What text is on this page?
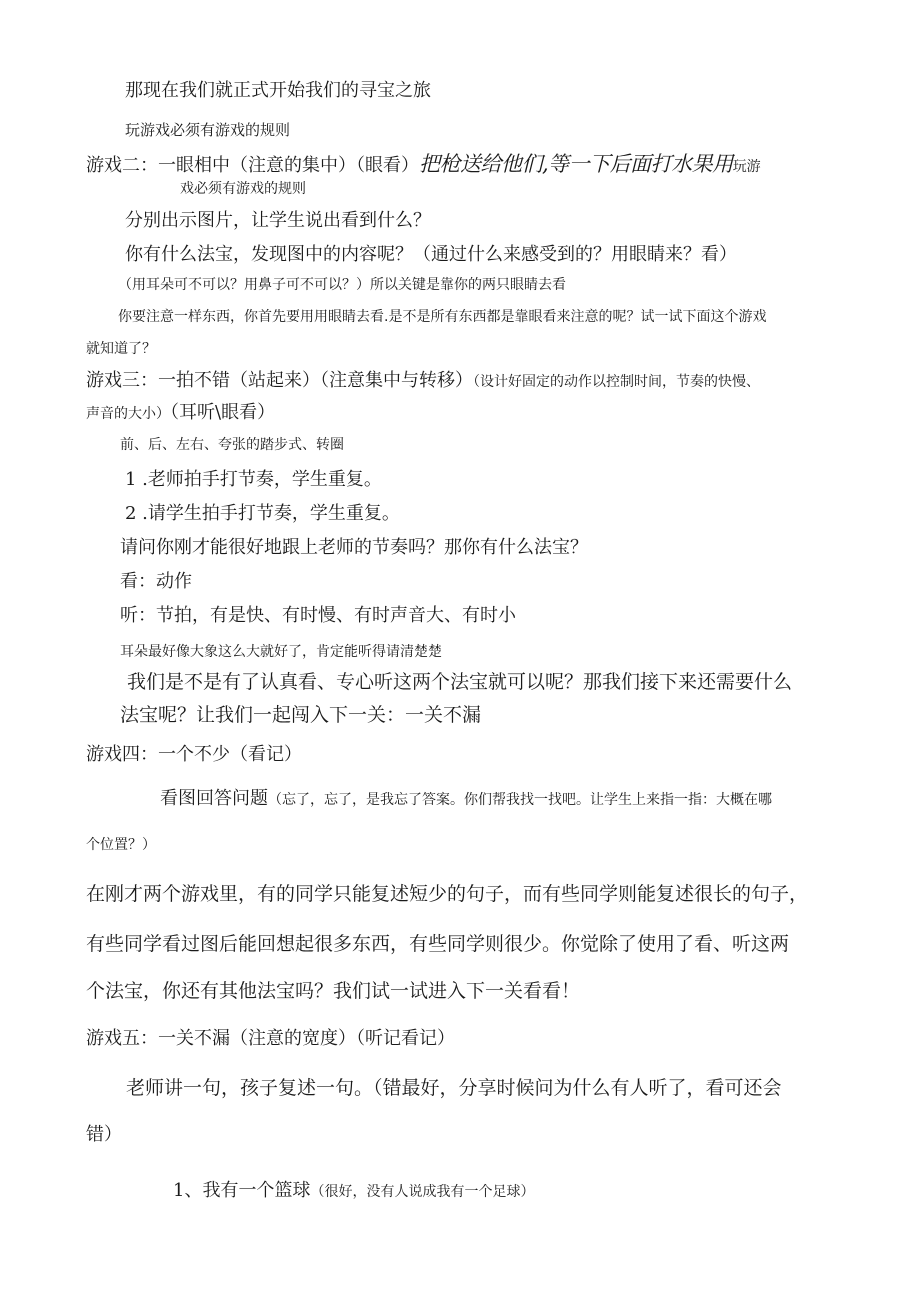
那现在我们就正式开始我们的寻宝之旅
玩游戏必须有游戏的规则
游戏二：一眼相中（注意的集中）（眼看）把枪送给他们,等一下后面打水果用玩游
戏必须有游戏的规则
分别出示图片，让学生说出看到什么？
你有什么法宝，发现图中的内容呢？（通过什么来感受到的？用眼睛来？看）
（用耳朵可不可以？用鼻子可不可以？）所以关键是靠你的两只眼睛去看
你要注意一样东西，你首先要用用眼睛去看.是不是所有东西都是靠眼看来注意的呢？试一试下面这个游戏
就知道了？
游戏三：一拍不错（站起来）（注意集中与转移）（设计好固定的动作以控制时间，节奏的快慢、
声音的大小）（耳听\眼看）
前、后、左右、夸张的踏步式、转圈
1 .老师拍手打节奏，学生重复。
2 .请学生拍手打节奏，学生重复。
请问你刚才能很好地跟上老师的节奏吗？那你有什么法宝？
看：动作
听：节拍，有是快、有时慢、有时声音大、有时小
耳朵最好像大象这么大就好了，肯定能听得请清楚楚
我们是不是有了认真看、专心听这两个法宝就可以呢？那我们接下来还需要什么
法宝呢？让我们一起闯入下一关：一关不漏
游戏四：一个不少（看记）
看图回答问题（忘了，忘了，是我忘了答案。你们帮我找一找吧。让学生上来指一指：大概在哪
个位置？）
在刚才两个游戏里，有的同学只能复述短少的句子，而有些同学则能复述很长的句子，
有些同学看过图后能回想起很多东西，有些同学则很少。你觉除了使用了看、听这两
个法宝，你还有其他法宝吗？我们试一试进入下一关看看！
游戏五：一关不漏（注意的宽度）（听记看记）
老师讲一句，孩子复述一句。（错最好，分享时候问为什么有人听了，看可还会
错）
1、我有一个篮球（很好，没有人说成我有一个足球）
